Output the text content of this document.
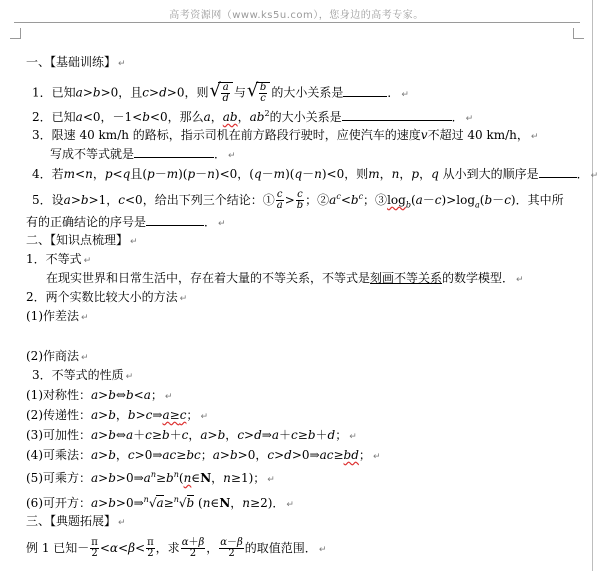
高考资源网（www.ks5u.com），您身边的高考专家。
一、【基础训练】 ↵
1．已知a>b>0，且c>d>0，则 √ $\frac{a}{d}$ 与 √ $\frac{b}{c}$ 的大小关系是	． ↵
2．已知a<0，－1<b<0，那么a，ab，$ab^2$的大小关系是	． ↵
3．限速 40 km/h 的路标，指示司机在前方路段行驶时，应使汽车的速度v不超过 40 km/h， ↵
写成不等式就是	． ↵
4．若m<n，p<q且(p－m)(p－n)<0，(q－m)(q－n)<0，则m，n，p，q 从小到大的顺序是	． ↵
5．设a>b>1，c<0，给出下列三个结论：① $\frac{c}{a} > \frac{c}{b}$ ；$②a^c<b^c$；$③\log_b(a-c)>\log_a(b-c)$．其中所
有的正确结论的序号是	． ↵
二、【知识点梳理】 ↵
1．不等式 ↵
在现实世界和日常生活中，存在着大量的不等关系，不等式是刻画不等关系的数学模型． ↵
2．两个实数比较大小的方法 ↵
(1)作差法 ↵
(2)作商法 ↵
3．不等式的性质 ↵
(1)对称性：a>b⇔b<a； ↵
(2)传递性：a>b，b>c⇒a≥c； ↵
(3)可加性：a>b⇔a＋c≥b＋c，a>b，c>d⇒a＋c≥b＋d； ↵
(4)可乘法：a>b，c>0⇒ac≥bc；a>b>0，c>d>0⇒ac≥bd； ↵
(5)可乘方：$a>b>0\Rightarrow a^n\ge b^n(n\in N$，n≥1)； ↵
(6)可开方：a>b>0⇒$^n$√a≥$^n$√b (n∈N，n≥2)． ↵
三、【典题拓展】 ↵
例 1 已知－ $\frac{\pi}{2} <\alpha<\beta< \frac{\pi}{2}$ ，求 $\frac{\alpha+\beta}{2}$ ， $\frac{\alpha-\beta}{2}$ 的取值范围． ↵
